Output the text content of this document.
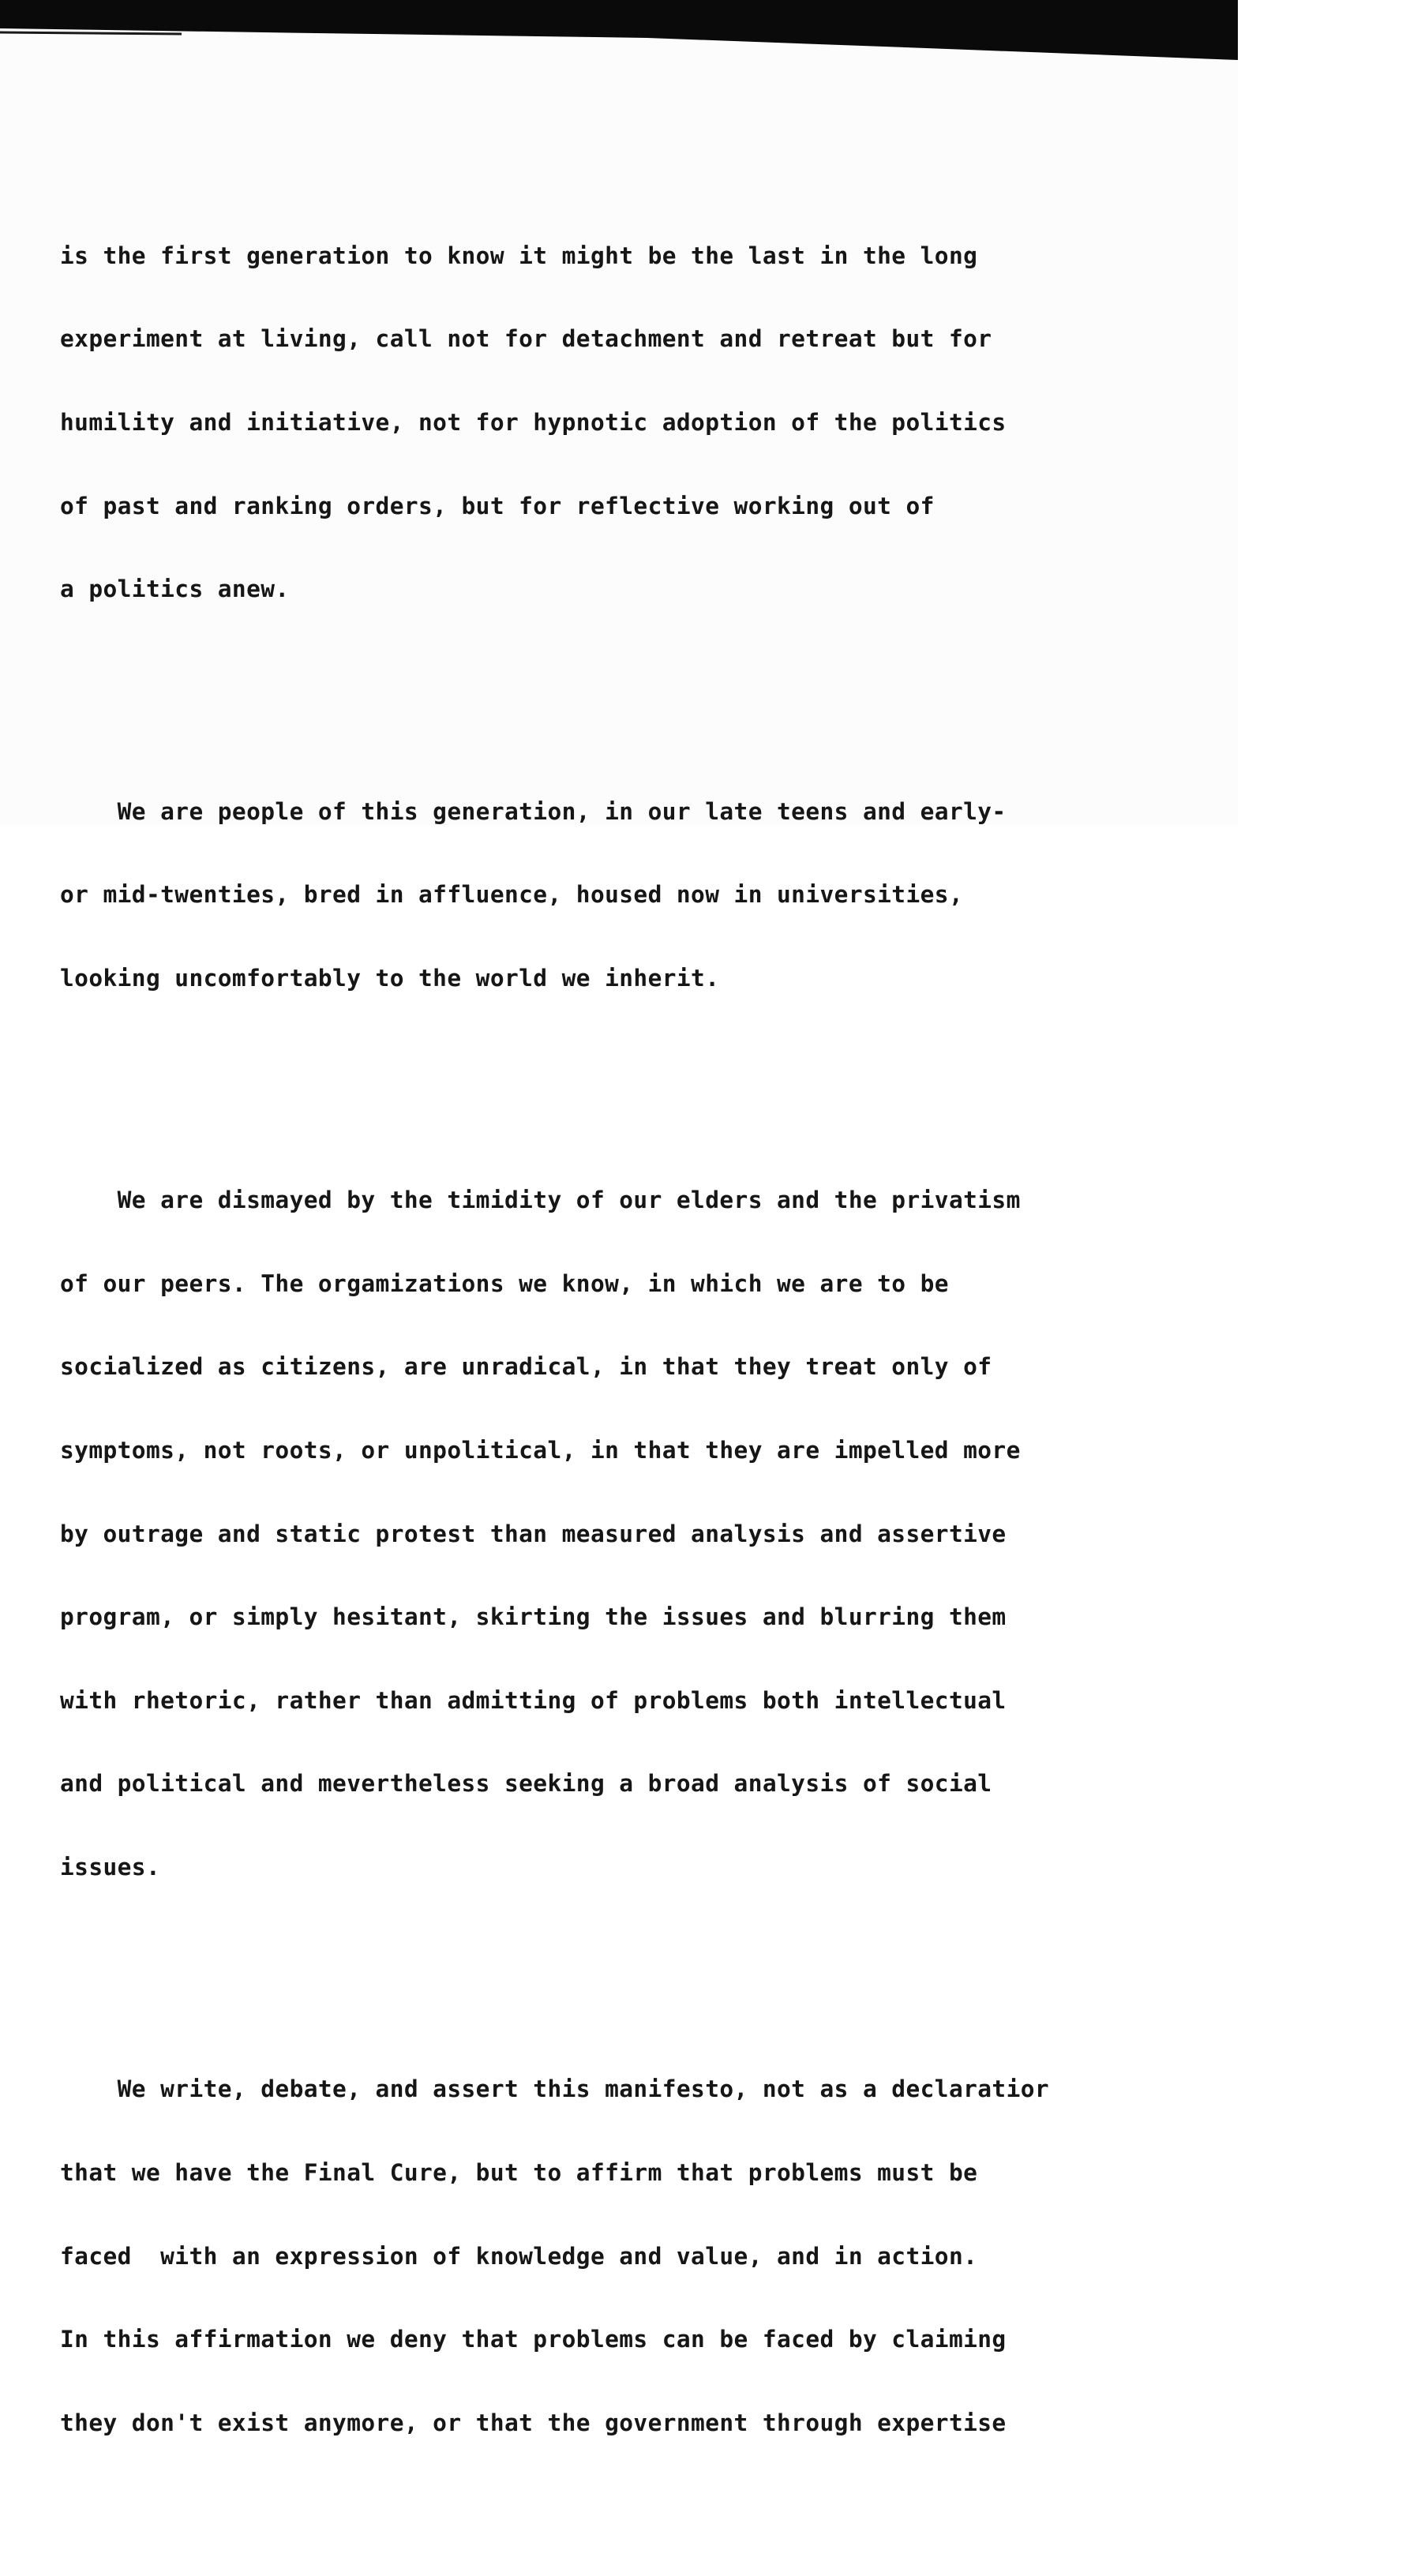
is the first generation to know it might be the last in the long

experiment at living, call not for detachment and retreat but for

humility and initiative, not for hypnotic adoption of the politics

of past and ranking orders, but for reflective working out of

a politics anew.

We are people of this generation, in our late teens and early-

or mid-twenties, bred in affluence, housed now in universities,

looking uncomfortably to the world we inherit.

We are dismayed by the timidity of our elders and the privatism

of our peers. The orgamizations we know, in which we are to be

socialized as citizens, are unradical, in that they treat only of

symptoms, not roots, or unpolitical, in that they are impelled more

by outrage and static protest than measured analysis and assertive

program, or simply hesitant, skirting the issues and blurring them

with rhetoric, rather than admitting of problems both intellectual

and political and mevertheless seeking a broad analysis of social

issues.

We write, debate, and assert this manifesto, not as a declaratior

that we have the Final Cure, but to affirm that problems must be

faced  with an expression of knowledge and value, and in action.

In this affirmation we deny that problems can be faced by claiming

they don't exist anymore, or that the government through expertise
